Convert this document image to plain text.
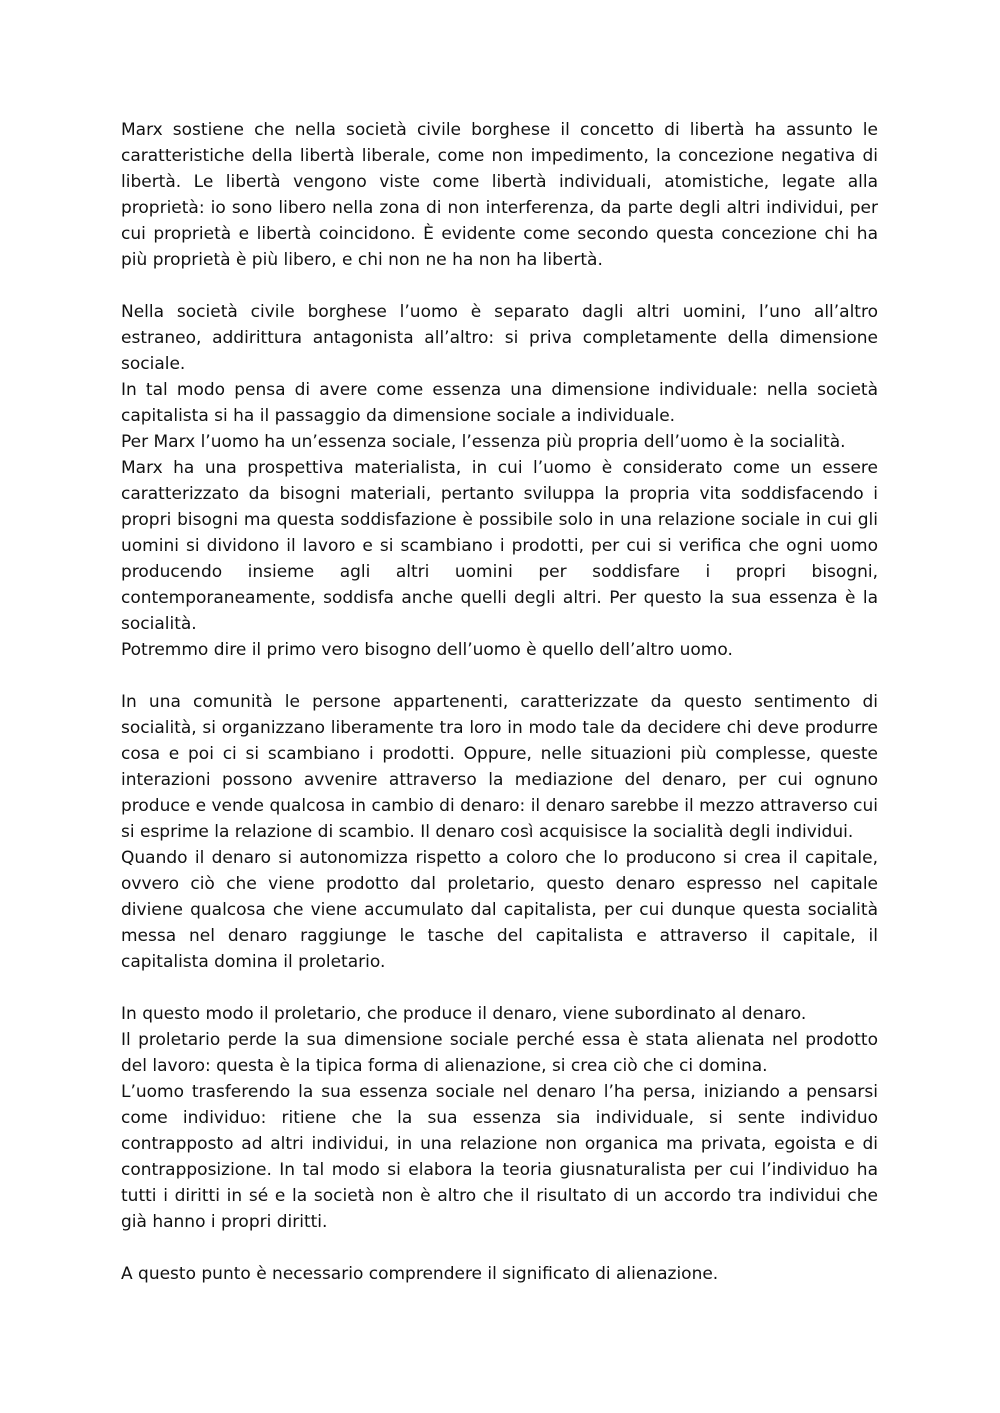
Marx sostiene che nella società civile borghese il concetto di libertà ha assunto le caratteristiche della libertà liberale, come non impedimento, la concezione negativa di libertà. Le libertà vengono viste come libertà individuali, atomistiche, legate alla proprietà: io sono libero nella zona di non interferenza, da parte degli altri individui, per cui proprietà e libertà coincidono. È evidente come secondo questa concezione chi ha più proprietà è più libero, e chi non ne ha non ha libertà.

Nella società civile borghese l’uomo è separato dagli altri uomini, l’uno all’altro estraneo, addirittura antagonista all’altro: si priva completamente della dimensione sociale.

In tal modo pensa di avere come essenza una dimensione individuale: nella società capitalista si ha il passaggio da dimensione sociale a individuale.

Per Marx l’uomo ha un’essenza sociale, l’essenza più propria dell’uomo è la socialità.

Marx ha una prospettiva materialista, in cui l’uomo è considerato come un essere caratterizzato da bisogni materiali, pertanto sviluppa la propria vita soddisfacendo i propri bisogni ma questa soddisfazione è possibile solo in una relazione sociale in cui gli uomini si dividono il lavoro e si scambiano i prodotti, per cui si verifica che ogni uomo producendo insieme agli altri uomini per soddisfare i propri bisogni, contemporaneamente, soddisfa anche quelli degli altri. Per questo la sua essenza è la socialità.

Potremmo dire il primo vero bisogno dell’uomo è quello dell’altro uomo.

In una comunità le persone appartenenti, caratterizzate da questo sentimento di socialità, si organizzano liberamente tra loro in modo tale da decidere chi deve produrre cosa e poi ci si scambiano i prodotti. Oppure, nelle situazioni più complesse, queste interazioni possono avvenire attraverso la mediazione del denaro, per cui ognuno produce e vende qualcosa in cambio di denaro: il denaro sarebbe il mezzo attraverso cui si esprime la relazione di scambio. Il denaro così acquisisce la socialità degli individui.

Quando il denaro si autonomizza rispetto a coloro che lo producono si crea il capitale, ovvero ciò che viene prodotto dal proletario, questo denaro espresso nel capitale diviene qualcosa che viene accumulato dal capitalista, per cui dunque questa socialità messa nel denaro raggiunge le tasche del capitalista e attraverso il capitale, il capitalista domina il proletario.

In questo modo il proletario, che produce il denaro, viene subordinato al denaro.

Il proletario perde la sua dimensione sociale perché essa è stata alienata nel prodotto del lavoro: questa è la tipica forma di alienazione, si crea ciò che ci domina.

L’uomo trasferendo la sua essenza sociale nel denaro l’ha persa, iniziando a pensarsi come individuo: ritiene che la sua essenza sia individuale, si sente individuo contrapposto ad altri individui, in una relazione non organica ma privata, egoista e di contrapposizione. In tal modo si elabora la teoria giusnaturalista per cui l’individuo ha tutti i diritti in sé e la società non è altro che il risultato di un accordo tra individui che già hanno i propri diritti.

A questo punto è necessario comprendere il significato di alienazione.
